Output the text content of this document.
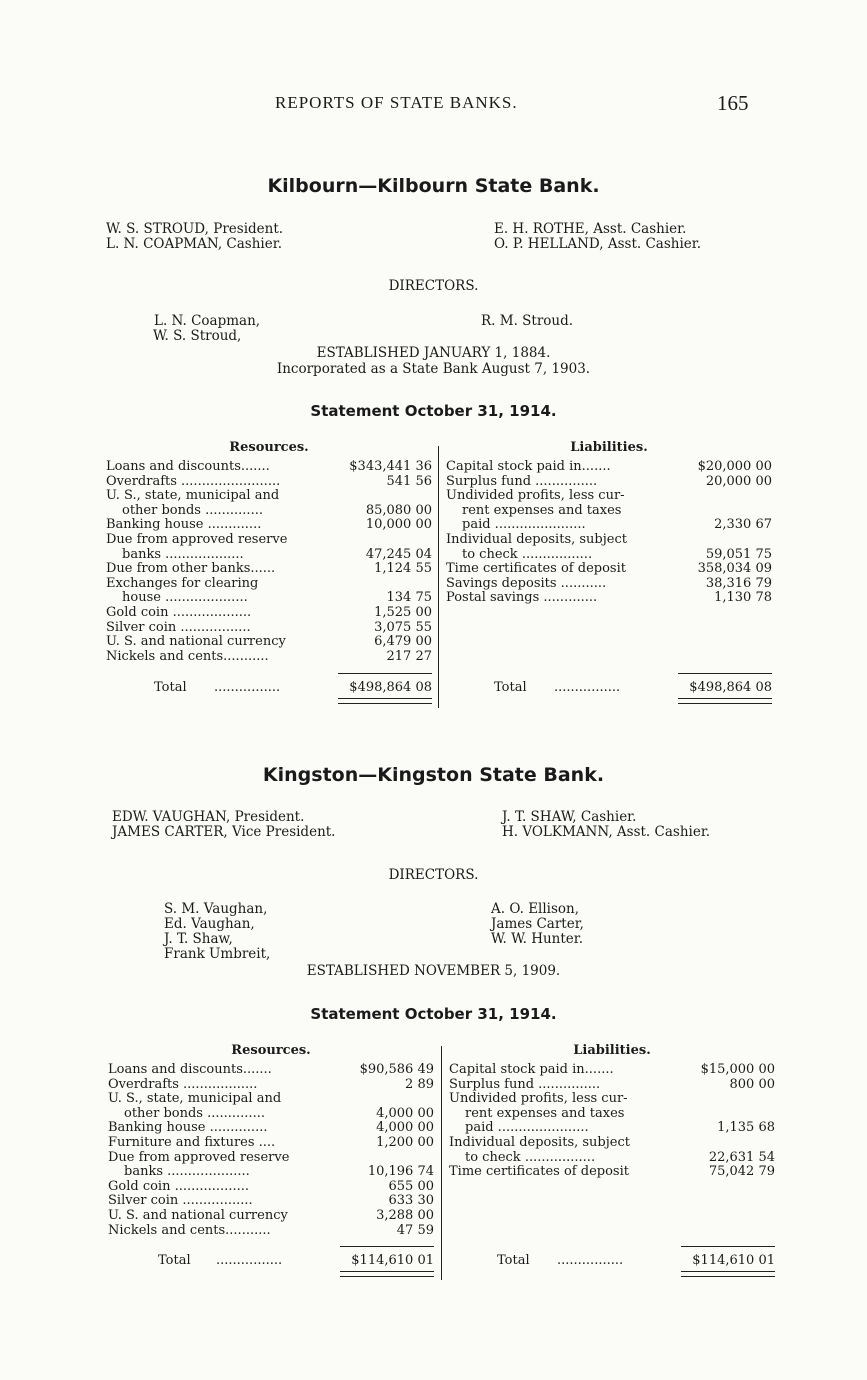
REPORTS OF STATE BANKS.	165
Kilbourn—Kilbourn State Bank.
W. S. STROUD, President.
L. N. COAPMAN, Cashier.
E. H. ROTHE, Asst. Cashier.
O. P. HELLAND, Asst. Cashier.
DIRECTORS.
L. N. Coapman,
W. S. Stroud,
R. M. Stroud.
ESTABLISHED JANUARY 1, 1884.
Incorporated as a State Bank August 7, 1903.
Statement October 31, 1914.
Resources.	Liabilities.
Loans and discounts.......	$343,441 36
Overdrafts ........................	541 56
U. S., state, municipal and
other bonds ..............	85,080 00
Banking house .............	10,000 00
Due from approved reserve
banks ...................	47,245 04
Due from other banks......	1,124 55
Exchanges for clearing
house ....................	134 75
Gold coin ...................	1,525 00
Silver coin .................	3,075 55
U. S. and national currency	6,479 00
Nickels and cents...........	217 27
Capital stock paid in.......	$20,000 00
Surplus fund ...............	20,000 00
Undivided profits, less cur-
rent expenses and taxes
paid ......................	2,330 67
Individual deposits, subject
to check .................	59,051 75
Time certificates of deposit	358,034 09
Savings deposits ...........	38,316 79
Postal savings .............	1,130 78
Total ................	$498,864 08	Total ................	$498,864 08
Kingston—Kingston State Bank.
EDW. VAUGHAN, President.
JAMES CARTER, Vice President.
J. T. SHAW, Cashier.
H. VOLKMANN, Asst. Cashier.
DIRECTORS.
S. M. Vaughan,
Ed. Vaughan,
J. T. Shaw,
Frank Umbreit,
A. O. Ellison,
James Carter,
W. W. Hunter.
ESTABLISHED NOVEMBER 5, 1909.
Statement October 31, 1914.
Resources.	Liabilities.
Loans and discounts.......	$90,586 49
Overdrafts ..................	2 89
U. S., state, municipal and
other bonds ..............	4,000 00
Banking house ..............	4,000 00
Furniture and fixtures ....	1,200 00
Due from approved reserve
banks ....................	10,196 74
Gold coin ..................	655 00
Silver coin .................	633 30
U. S. and national currency	3,288 00
Nickels and cents...........	47 59
Capital stock paid in.......	$15,000 00
Surplus fund ...............	800 00
Undivided profits, less cur-
rent expenses and taxes
paid ......................	1,135 68
Individual deposits, subject
to check .................	22,631 54
Time certificates of deposit	75,042 79
Total ................	$114,610 01	Total ................	$114,610 01
